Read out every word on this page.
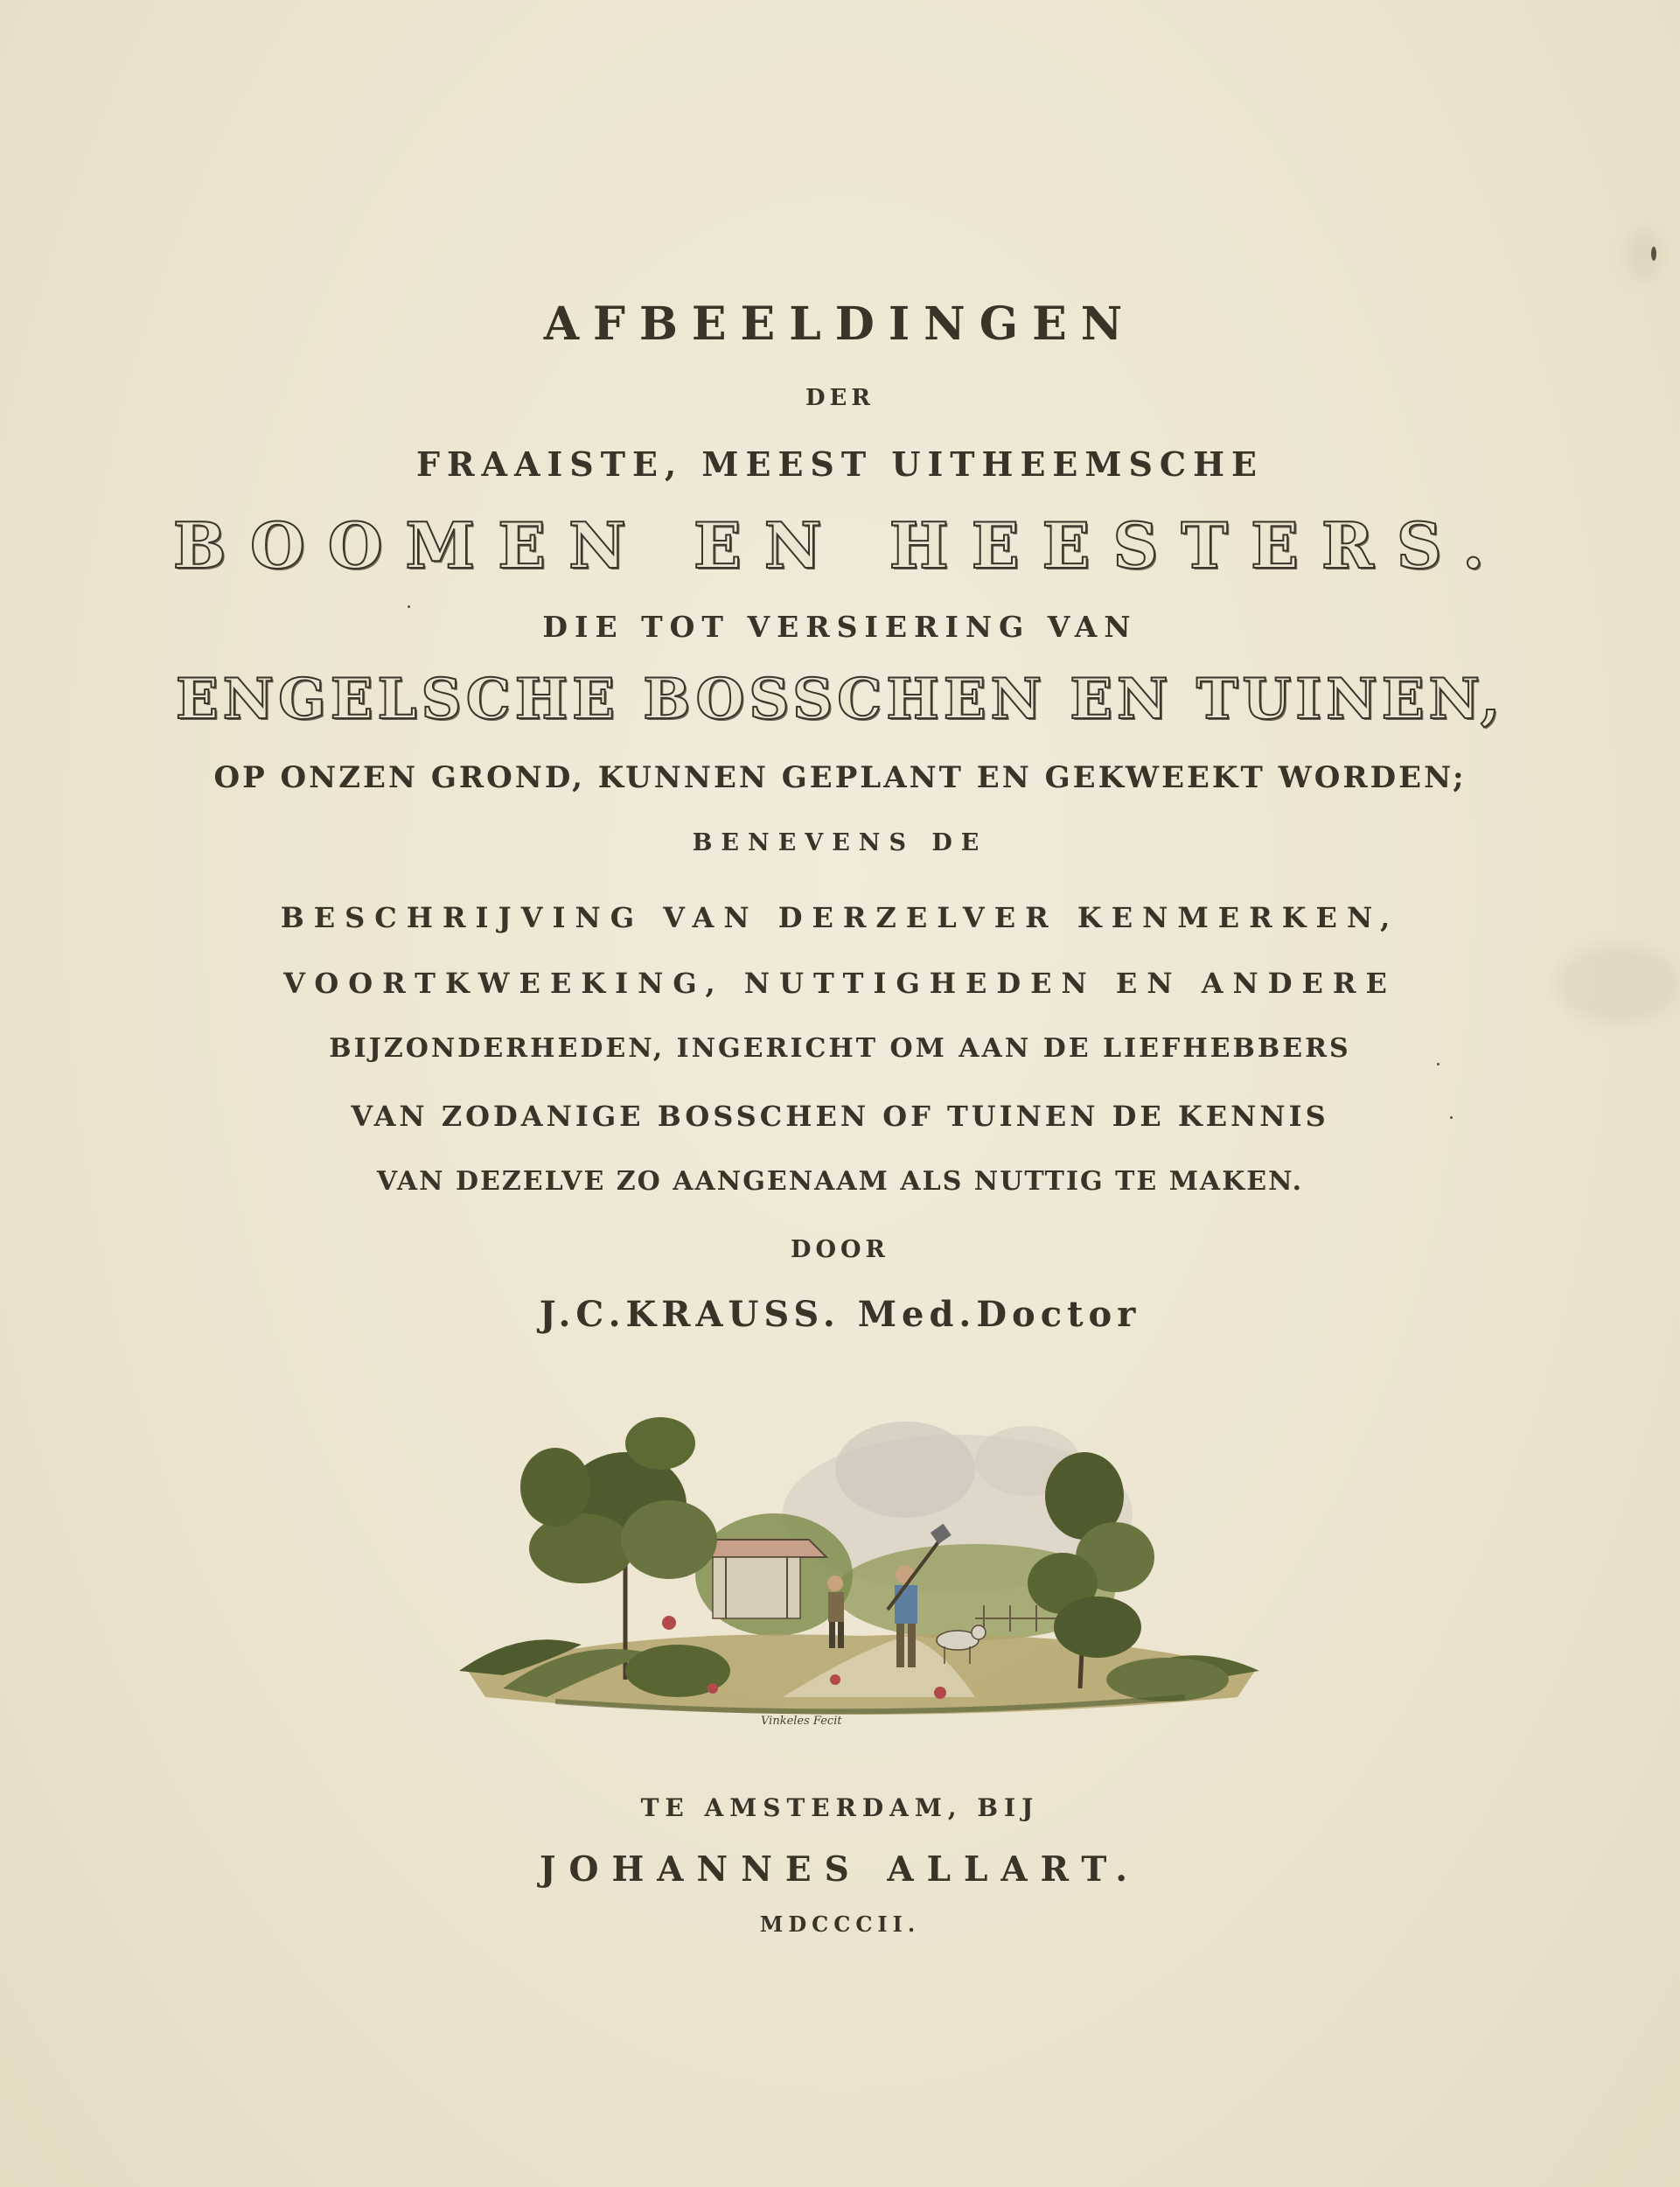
AFBEELDINGEN
DER
FRAAISTE, MEEST UITHEEMSCHE
BOOMEN EN HEESTERS.
DIE TOT VERSIERING VAN
ENGELSCHE BOSSCHEN EN TUINEN,
OP ONZEN GROND, KUNNEN GEPLANT EN GEKWEEKT WORDEN;
BENEVENS DE
BESCHRIJVING VAN DERZELVER KENMERKEN,
VOORTKWEEKING, NUTTIGHEDEN EN ANDERE
BIJZONDERHEDEN, INGERICHT OM AAN DE LIEFHEBBERS
VAN ZODANIGE BOSSCHEN OF TUINEN DE KENNIS
VAN DEZELVE ZO AANGENAAM ALS NUTTIG TE MAKEN.
DOOR
J.C.KRAUSS. Med.Doctor
Vinkeles Fecit
TE AMSTERDAM, BIJ
JOHANNES ALLART.
MDCCCII.
